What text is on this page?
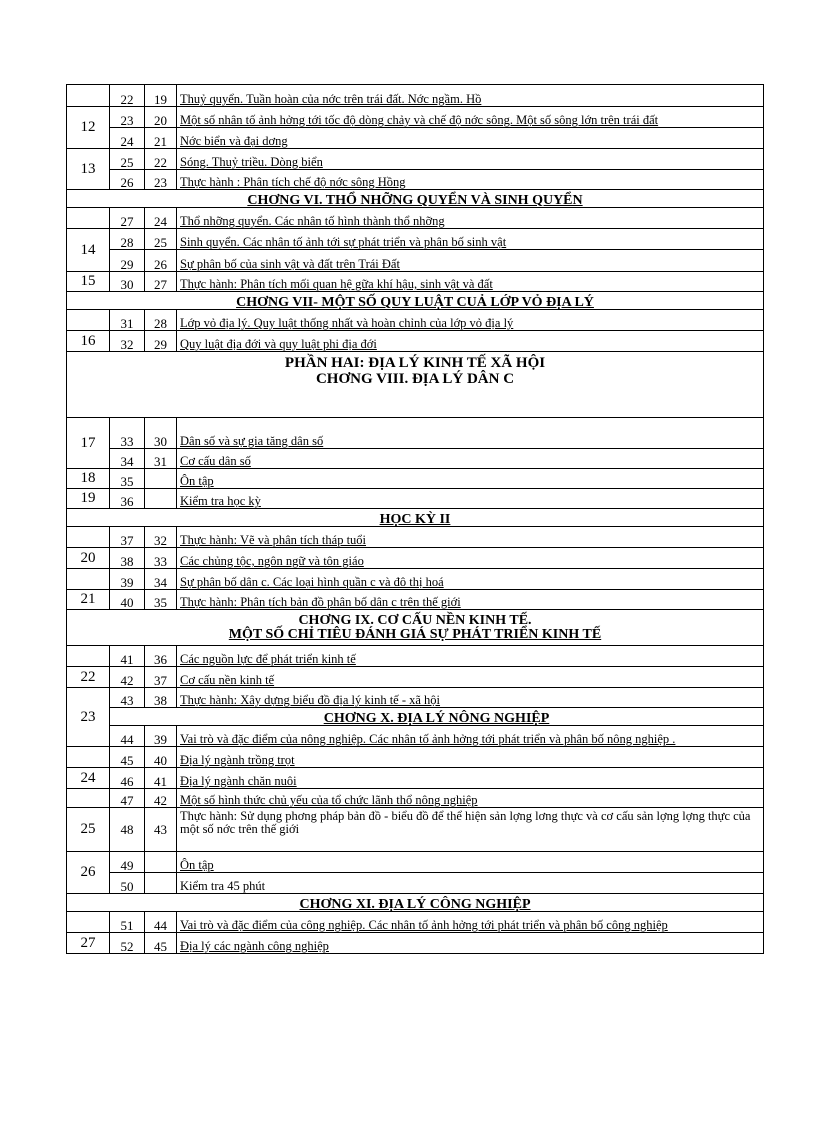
	22	19	Thuỷ quyển. Tuần hoàn của nớc trên trái đất. Nớc ngầm. Hồ
12	23	20	Một số nhân tố ảnh hởng tới tốc độ dòng chảy và chế độ nớc sông. Một số sông lớn trên trái đất
	24	21	Nớc biển và đại dơng
13	25	22	Sóng. Thuỷ triều. Dòng biển
	26	23	Thực hành : Phân tích chế độ nớc sông Hồng
CHƠNG VI. THỔ NHỠNG QUYỂN VÀ SINH QUYỂN			
	27	24	Thổ nhỡng quyển. Các nhân tố hình thành thổ nhỡng
14	28	25	Sinh quyển. Các nhân tố ảnh tới sự phát triển và phân bố sinh vật
	29	26	Sự phân bố của sinh vật và đất trên Trái Đất
15	30	27	Thực hành: Phân tích mối quan hệ gữa khí hậu, sinh vật và đất
CHƠNG VII- MỘT SỐ QUY LUẬT CUẢ LỚP VỎ ĐỊA LÝ			
	31	28	Lớp vỏ địa lý. Quy luật thống nhất và hoàn chỉnh của lớp vỏ địa lý
16	32	29	Quy luật địa đới và quy luật phi địa đới

PHẦN HAI: ĐỊA LÝ KINH TẾ XÃ HỘI
CHƠNG VIII. ĐỊA LÝ DÂN C			

17	33	30	Dân số và sự gia tăng dân số
	34	31	Cơ cấu dân số
18	35		Ôn tập
19	36		Kiểm tra học kỳ
HỌC KỲ II			
	37	32	Thực hành: Vẽ và phân tích tháp tuổi
20	38	33	Các chủng tộc, ngôn ngữ và tôn giáo
	39	34	Sự phân bố dân c. Các loại hình quần c và đô thị hoá
21	40	35	Thực hành: Phân tích bản đồ phân bố dân c trên thế giới

CHƠNG IX. CƠ CẤU NỀN KINH TẾ.
MỘT SỐ CHỈ TIÊU ĐÁNH GIÁ SỰ PHÁT TRIỂN KINH TẾ			

	41	36	Các nguồn lực để phát triển kinh tế
22	42	37	Cơ cấu nền kinh tế
23	43	38	Thực hành: Xây dựng biểu đồ địa lý kinh tế - xã hội
	CHƠNG X. ĐỊA LÝ NÔNG NGHIỆP		
	44	39	Vai trò và đặc điểm của nông nghiệp. Các nhân tố ảnh hởng tới phát triển và phân bố nông nghiệp .
	45	40	Địa lý ngành trồng trọt
24	46	41	Địa lý ngành chăn nuôi
	47	42	Một số hình thức chủ yếu của tổ chức lãnh thổ nông nghiệp
25	48	43	Thực hành: Sử dụng phơng pháp bản đồ - biểu đồ để thể hiện sản lợng lơng thực và cơ cấu sản lợng lợng thực của một số nớc trên thế giới
26	49		Ôn tập
	50		Kiểm tra 45 phút
CHƠNG XI. ĐỊA LÝ CÔNG NGHIỆP			
	51	44	Vai trò và đặc điểm của công nghiệp. Các nhân tố ảnh hởng tới phát triển và phân bố công nghiệp
27	52	45	Địa lý các ngành công nghiệp
